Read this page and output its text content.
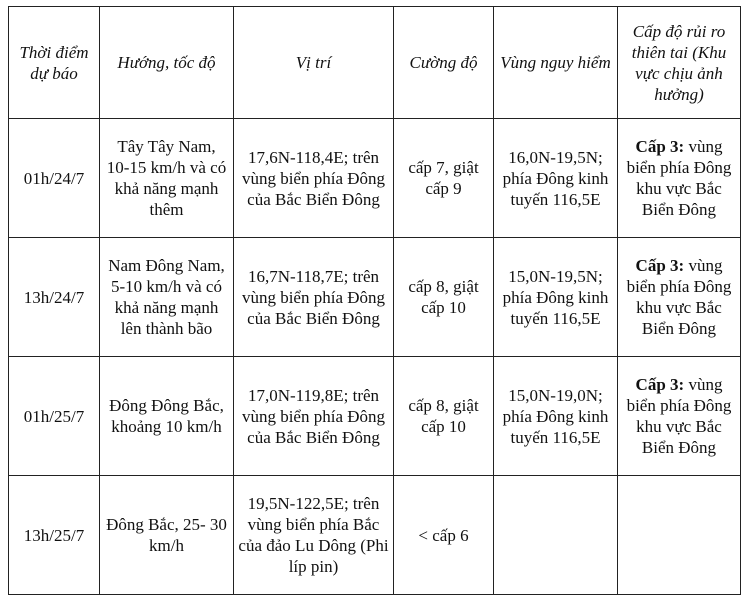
Thời điểm dự báo	Hướng, tốc độ	Vị trí	Cường độ	Vùng nguy hiểm	Cấp độ rủi ro thiên tai (Khu vực chịu ảnh hưởng)
01h/24/7	Tây Tây Nam, 10-15 km/h và có khả năng mạnh thêm	17,6N-118,4E; trên vùng biển phía Đông của Bắc Biển Đông	cấp 7, giật cấp 9	16,0N-19,5N; phía Đông kinh tuyến 116,5E	Cấp 3: vùng biển phía Đông khu vực Bắc Biển Đông

13h/24/7	Nam Đông Nam, 5-10 km/h và có khả năng mạnh lên thành bão	16,7N-118,7E; trên vùng biển phía Đông của Bắc Biển Đông	cấp 8, giật cấp 10	15,0N-19,5N; phía Đông kinh tuyến 116,5E	Cấp 3: vùng biển phía Đông khu vực Bắc Biển Đông

01h/25/7	Đông Đông Bắc, khoảng 10 km/h	17,0N-119,8E; trên vùng biển phía Đông của Bắc Biển Đông	cấp 8, giật cấp 10	15,0N-19,0N; phía Đông kinh tuyến 116,5E	Cấp 3: vùng biển phía Đông khu vực Bắc Biển Đông

13h/25/7	Đông Bắc, 25- 30 km/h	19,5N-122,5E; trên vùng biển phía Bắc của đảo Lu Dông (Phi líp pin)	< cấp 6		
